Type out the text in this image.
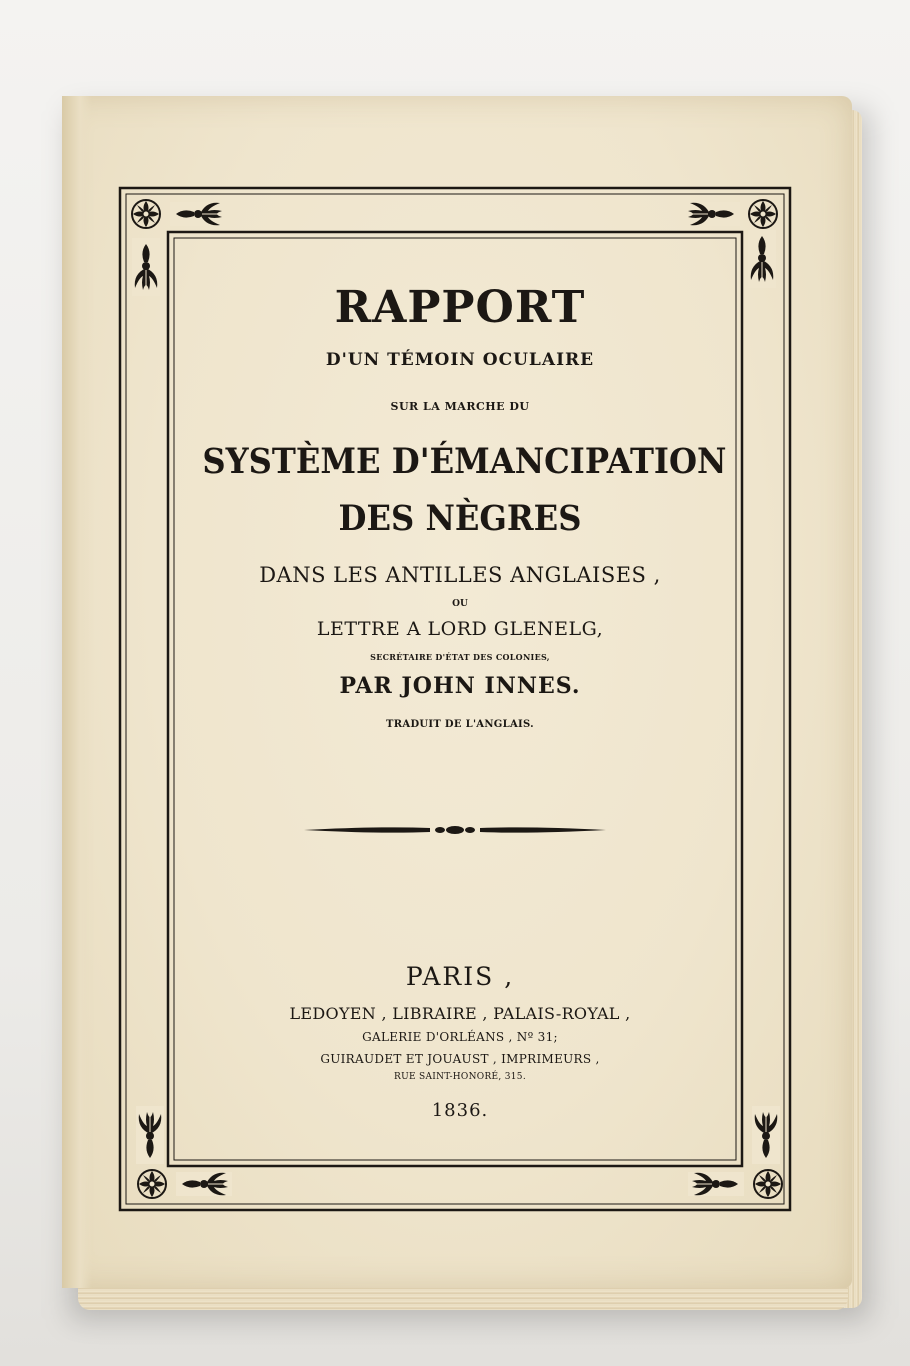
RAPPORT
D'UN TÉMOIN OCULAIRE
SUR LA MARCHE DU
SYSTÈME D'ÉMANCIPATION
DES NÈGRES
DANS LES ANTILLES ANGLAISES ,
OU
LETTRE A LORD GLENELG,
SECRÉTAIRE D'ÉTAT DES COLONIES,
PAR JOHN INNES.
TRADUIT DE L'ANGLAIS.
PARIS ,
LEDOYEN , LIBRAIRE , PALAIS-ROYAL ,
GALERIE D'ORLÉANS , Nº 31;
GUIRAUDET ET JOUAUST , IMPRIMEURS ,
RUE SAINT-HONORÉ, 315.
1836.
